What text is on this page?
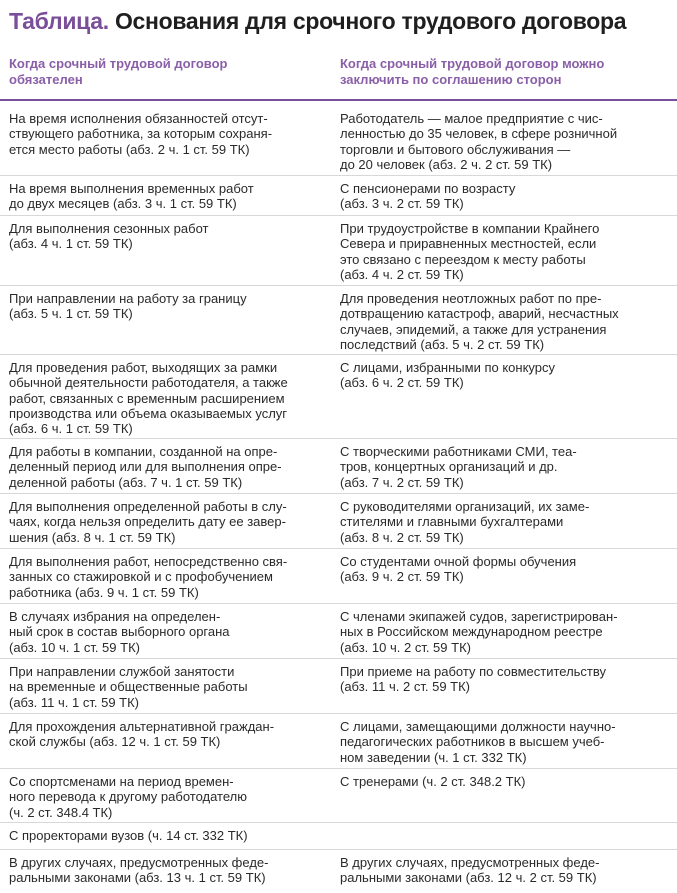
Таблица. Основания для срочного трудового договора
Когда срочный трудовой договор
обязателен
Когда срочный трудовой договор можно
заключить по соглашению сторон
На время исполнения обязанностей отсут-
ствующего работника, за которым сохраня-
ется место работы (абз. 2 ч. 1 ст. 59 ТК)
Работодатель — малое предприятие с чис-
ленностью до 35 человек, в сфере розничной
торговли и бытового обслуживания —
до 20 человек (абз. 2 ч. 2 ст. 59 ТК)
На время выполнения временных работ
до двух месяцев (абз. 3 ч. 1 ст. 59 ТК)
С пенсионерами по возрасту
(абз. 3 ч. 2 ст. 59 ТК)
Для выполнения сезонных работ
(абз. 4 ч. 1 ст. 59 ТК)
При трудоустройстве в компании Крайнего
Севера и приравненных местностей, если
это связано с переездом к месту работы
(абз. 4 ч. 2 ст. 59 ТК)
При направлении на работу за границу
(абз. 5 ч. 1 ст. 59 ТК)
Для проведения неотложных работ по пре-
дотвращению катастроф, аварий, несчастных
случаев, эпидемий, а также для устранения
последствий (абз. 5 ч. 2 ст. 59 ТК)
Для проведения работ, выходящих за рамки
обычной деятельности работодателя, а также
работ, связанных с временным расширением
производства или объема оказываемых услуг
(абз. 6 ч. 1 ст. 59 ТК)
С лицами, избранными по конкурсу
(абз. 6 ч. 2 ст. 59 ТК)
Для работы в компании, созданной на опре-
деленный период или для выполнения опре-
деленной работы (абз. 7 ч. 1 ст. 59 ТК)
С творческими работниками СМИ, теа-
тров, концертных организаций и др.
(абз. 7 ч. 2 ст. 59 ТК)
Для выполнения определенной работы в слу-
чаях, когда нельзя определить дату ее завер-
шения (абз. 8 ч. 1 ст. 59 ТК)
С руководителями организаций, их заме-
стителями и главными бухгалтерами
(абз. 8 ч. 2 ст. 59 ТК)
Для выполнения работ, непосредственно свя-
занных со стажировкой и с профобучением
работника (абз. 9 ч. 1 ст. 59 ТК)
Со студентами очной формы обучения
(абз. 9 ч. 2 ст. 59 ТК)
В случаях избрания на определен-
ный срок в состав выборного органа
(абз. 10 ч. 1 ст. 59 ТК)
С членами экипажей судов, зарегистрирован-
ных в Российском международном реестре
(абз. 10 ч. 2 ст. 59 ТК)
При направлении службой занятости
на временные и общественные работы
(абз. 11 ч. 1 ст. 59 ТК)
При приеме на работу по совместительству
(абз. 11 ч. 2 ст. 59 ТК)
Для прохождения альтернативной граждан-
ской службы (абз. 12 ч. 1 ст. 59 ТК)
С лицами, замещающими должности научно-
педагогических работников в высшем учеб-
ном заведении (ч. 1 ст. 332 ТК)
Со спортсменами на период времен-
ного перевода к другому работодателю
(ч. 2 ст. 348.4 ТК)
С тренерами (ч. 2 ст. 348.2 ТК)
С проректорами вузов (ч. 14 ст. 332 ТК)
В других случаях, предусмотренных феде-
ральными законами (абз. 13 ч. 1 ст. 59 ТК)
В других случаях, предусмотренных феде-
ральными законами (абз. 12 ч. 2 ст. 59 ТК)
